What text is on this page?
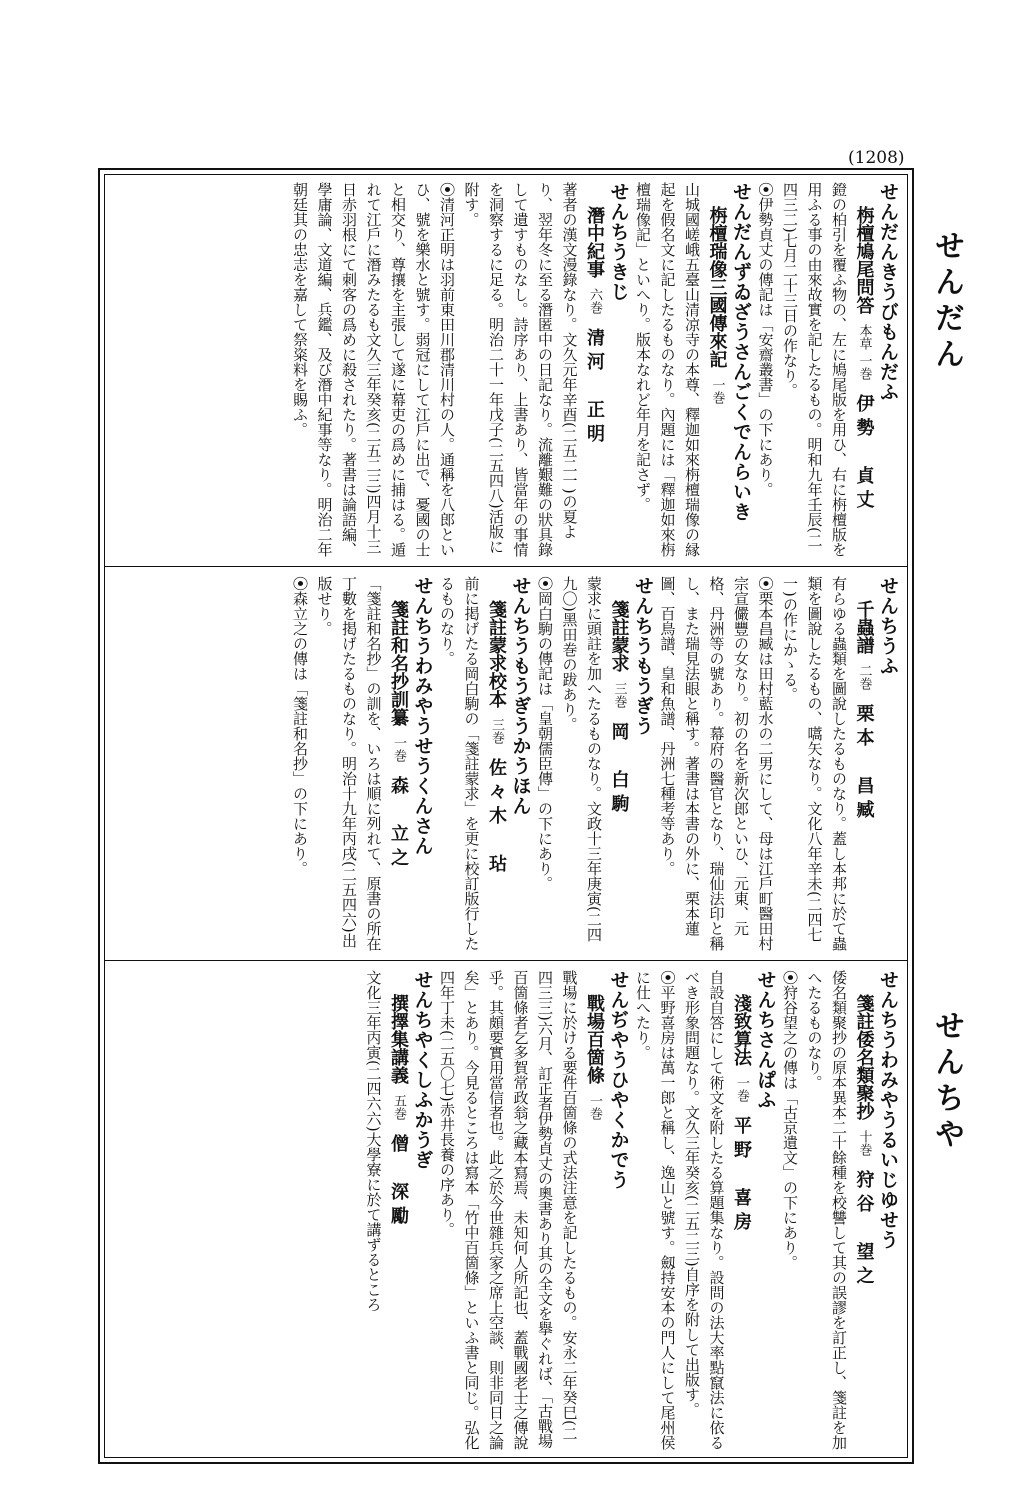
(1208)
せんだん
せんちや
せんだんきうびもんだふ
栴檀鳩尾問答本草 一巻伊勢　貞丈
鐙の柏引を覆ふ物の、左に鳩尾版を用ひ、右に栴檀版を用ふる事の由來故實を記したるもの。明和九年壬辰(二四三二)七月二十三日の作なり。
⦿伊勢貞丈の傳記は「安齋叢書」の下にあり。
せんだんずゐざうさんごくでんらいき
栴檀瑞像三國傳來記一巻
山城國嵯峨五臺山清凉寺の本尊、釋迦如來栴檀瑞像の縁起を假名文に記したるものなり。內題には「釋迦如來栴檀瑞像記」といへり。版本なれど年月を記さず。
せんちうきじ
潛中紀事六巻清河　正明
著者の漢文漫錄なり。文久元年辛酉(二五二一)の夏より、翌年冬に至る潛匿中の日記なり。流離艱難の狀具錄して遺すものなし。詩序あり、上書あり、皆當年の事情を洞察するに足る。明治二十一年戊子(二五四八)活版に附す。
⦿清河正明は羽前東田川郡清川村の人。通稱を八郎といひ、號を樂水と號す。弱冠にして江戶に出で、憂國の士と相交り、尊攘を主張して遂に幕吏の爲めに捕はる。遁れて江戶に潛みたるも文久三年癸亥(二五二三)四月十三日赤羽根にて刺客の爲めに殺されたり。著書は論語編、學庸論、文道編、兵鑑、及び潛中紀事等なり。明治二年朝廷其の忠志を嘉して祭粢料を賜ふ。
せんちうふ
千蟲譜二巻栗本　昌臧
有らゆる蟲類を圖說したるものなり。蓋し本邦に於て蟲類を圖說したるもの、嚆矢なり。文化八年辛未(二四七一)の作にかゝる。
⦿栗本昌臧は田村藍水の二男にして、母は江戶町醫田村宗宣儼豐の女なり。初の名を新次郎といひ、元東、元格、丹洲等の號あり。幕府の醫官となり、瑞仙法印と稱し、また瑞見法眼と稱す。著書は本書の外に、栗本蓮圖、百鳥譜、皇和魚譜、丹洲七種考等あり。
せんちうもうぎう
箋註蒙求三巻岡　白駒
蒙求に頭註を加へたるものなり。文政十三年庚寅(二四九〇)黑田巻の跋あり。
⦿岡白駒の傳記は「皇朝儒臣傳」の下にあり。
せんちうもうぎうかうほん
箋註蒙求校本三巻佐々木　玷
前に掲げたる岡白駒の「箋註蒙求」を更に校訂版行したるものなり。
せんちうわみやうせうくんさん
箋註和名抄訓纂一巻森　立之
「箋註和名抄」の訓を、いろは順に列れて、原書の所在丁數を掲げたるものなり。明治十九年丙戌(二五四六)出版せり。
⦿森立之の傳は「箋註和名抄」の下にあり。
せんちうわみやうるいじゆせう
箋註倭名類聚抄十巻狩谷　望之
倭名類聚抄の原本異本二十餘種を校讐して其の誤謬を訂正し、箋註を加へたるものなり。
⦿狩谷望之の傳は「古京遺文」の下にあり。
せんちさんぱふ
淺致算法一巻平野　喜房
自設自答にして術文を附したる算題集なり。設問の法大率點竄法に依るべき形象問題なり。文久三年癸亥(二五二三)自序を附して出版す。
⦿平野喜房は萬一郎と稱し、逸山と號す。劔持安本の門人にして尾州侯に仕へたり。
せんぢやうひやくかでう
戰場百箇條一巻
戰場に於ける要件百箇條の式法注意を記したるもの。安永二年癸巳(二四三三)六月、訂正者伊勢貞丈の奧書あり其の全文を擧ぐれば、「古戰場百箇條者乞多賀常政翁之藏本寫焉、未知何人所記也、蓋戰國老士之傳說乎。其頗要實用當信者也。此之於今世雜兵家之席上空談、則非同日之論矣」とあり。今見るところは寫本「竹中百箇條」といふ書と同じ。弘化四年丁未(二五〇七)赤井長養の序あり。
せんちやくしふかうぎ
撰擇集講義五巻僧　深勵
文化三年丙寅(二四六六)大學寮に於て講ずるところ
